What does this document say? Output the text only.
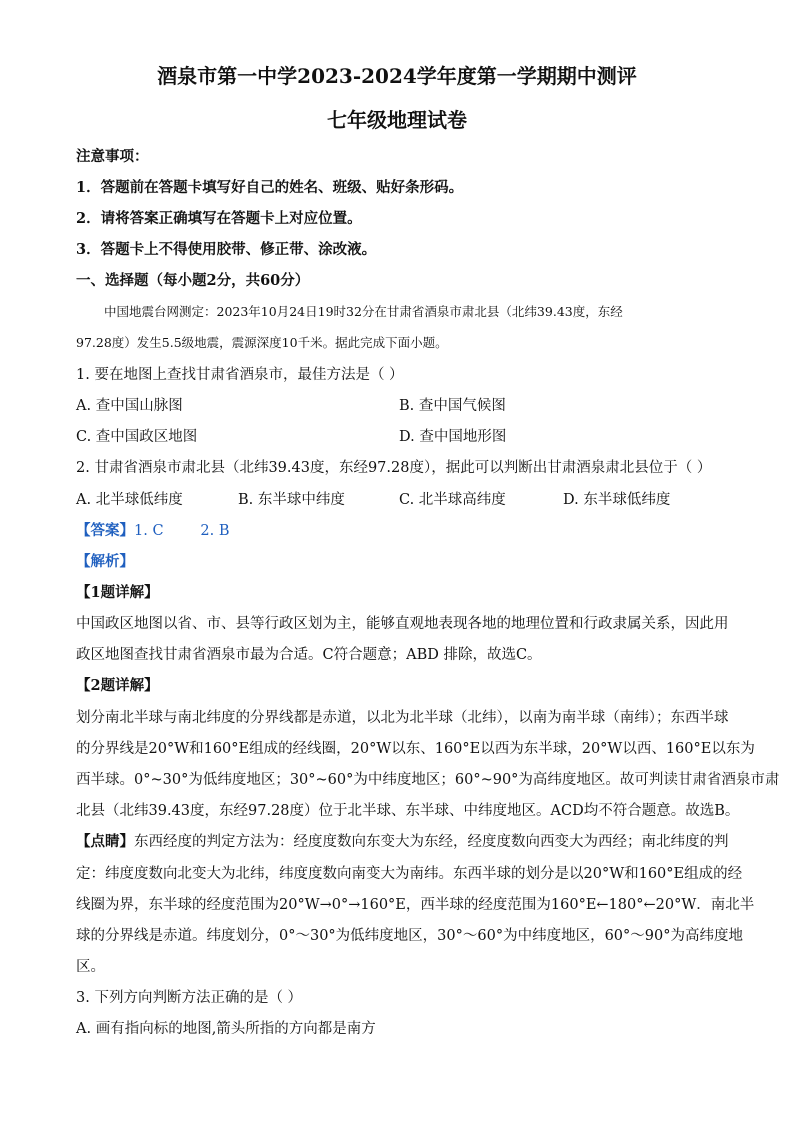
酒泉市第一中学2023-2024学年度第一学期期中测评
七年级地理试卷
注意事项：
1．答题前在答题卡填写好自己的姓名、班级、贴好条形码。
2．请将答案正确填写在答题卡上对应位置。
3．答题卡上不得使用胶带、修正带、涂改液。
一、选择题（每小题2分，共60分）
中国地震台网测定：2023年10月24日19时32分在甘肃省酒泉市肃北县（北纬39.43度，东经
97.28度）发生5.5级地震，震源深度10千米。据此完成下面小题。
1. 要在地图上查找甘肃省酒泉市，最佳方法是（ ）
A. 查中国山脉图	B. 查中国气候图
C. 查中国政区地图	D. 查中国地形图
2. 甘肃省酒泉市肃北县（北纬39.43度，东经97.28度），据此可以判断出甘肃酒泉肃北县位于（ ）
A. 北半球低纬度	B. 东半球中纬度	C. 北半球高纬度	D. 东半球低纬度
【答案】1. C        2. B
【解析】
【1题详解】
中国政区地图以省、市、县等行政区划为主，能够直观地表现各地的地理位置和行政隶属关系，因此用
政区地图查找甘肃省酒泉市最为合适。C符合题意；ABD 排除，故选C。
【2题详解】
划分南北半球与南北纬度的分界线都是赤道，以北为北半球（北纬），以南为南半球（南纬）；东西半球
的分界线是20°W和160°E组成的经线圈，20°W以东、160°E以西为东半球，20°W以西、160°E以东为
西半球。0°~30°为低纬度地区；30°~60°为中纬度地区；60°~90°为高纬度地区。故可判读甘肃省酒泉市肃
北县（北纬39.43度，东经97.28度）位于北半球、东半球、中纬度地区。ACD均不符合题意。故选B。
【点睛】东西经度的判定方法为：经度度数向东变大为东经，经度度数向西变大为西经；南北纬度的判
定：纬度度数向北变大为北纬，纬度度数向南变大为南纬。东西半球的划分是以20°W和160°E组成的经
线圈为界，东半球的经度范围为20°W→0°→160°E，西半球的经度范围为160°E←180°←20°W．南北半
球的分界线是赤道。纬度划分，0°～30°为低纬度地区，30°～60°为中纬度地区，60°～90°为高纬度地
区。
3. 下列方向判断方法正确的是（ ）
A. 画有指向标的地图,箭头所指的方向都是南方
